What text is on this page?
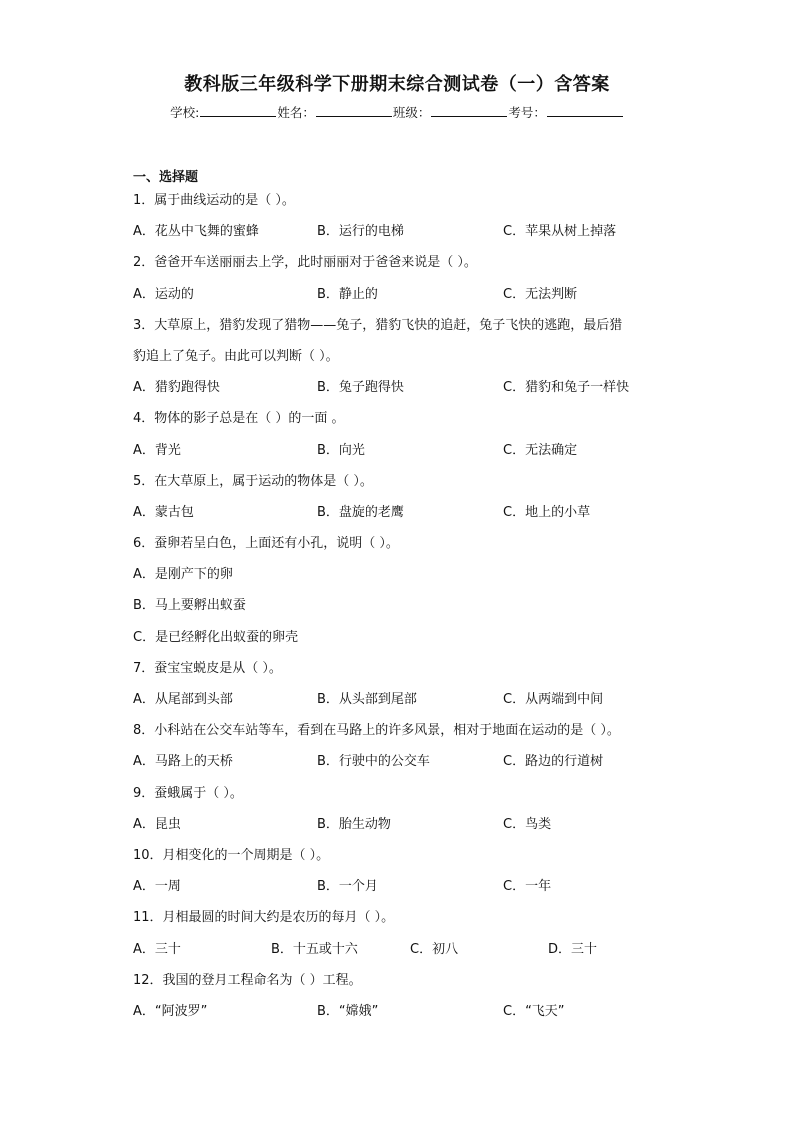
教科版三年级科学下册期末综合测试卷（一）含答案
学校:	姓名：	班级：	考号：
一、选择题
1．属于曲线运动的是（ ）。
A．花丛中飞舞的蜜蜂	B．运行的电梯	C．苹果从树上掉落
2．爸爸开车送丽丽去上学，此时丽丽对于爸爸来说是（ ）。
A．运动的	B．静止的	C．无法判断
3．大草原上，猎豹发现了猎物——兔子，猎豹飞快的追赶，兔子飞快的逃跑，最后猎
豹追上了兔子。由此可以判断（ ）。
A．猎豹跑得快	B．兔子跑得快	C．猎豹和兔子一样快
4．物体的影子总是在（ ）的一面 。
A．背光	B．向光	C．无法确定
5．在大草原上，属于运动的物体是（ ）。
A．蒙古包	B．盘旋的老鹰	C．地上的小草
6．蚕卵若呈白色，上面还有小孔，说明（ ）。
A．是刚产下的卵
B．马上要孵出蚁蚕
C．是已经孵化出蚁蚕的卵壳
7．蚕宝宝蜕皮是从（ ）。
A．从尾部到头部	B．从头部到尾部	C．从两端到中间
8．小科站在公交车站等车，看到在马路上的许多风景，相对于地面在运动的是（ ）。
A．马路上的天桥	B．行驶中的公交车	C．路边的行道树
9．蚕蛾属于（ ）。
A．昆虫	B．胎生动物	C．鸟类
10．月相变化的一个周期是（ ）。
A．一周	B．一个月	C．一年
11．月相最圆的时间大约是农历的每月（ ）。
A．三十	B．十五或十六	C．初八	D．三十
12．我国的登月工程命名为（ ）工程。
A．“阿波罗”	B．“嫦娥”	C．“飞天”
